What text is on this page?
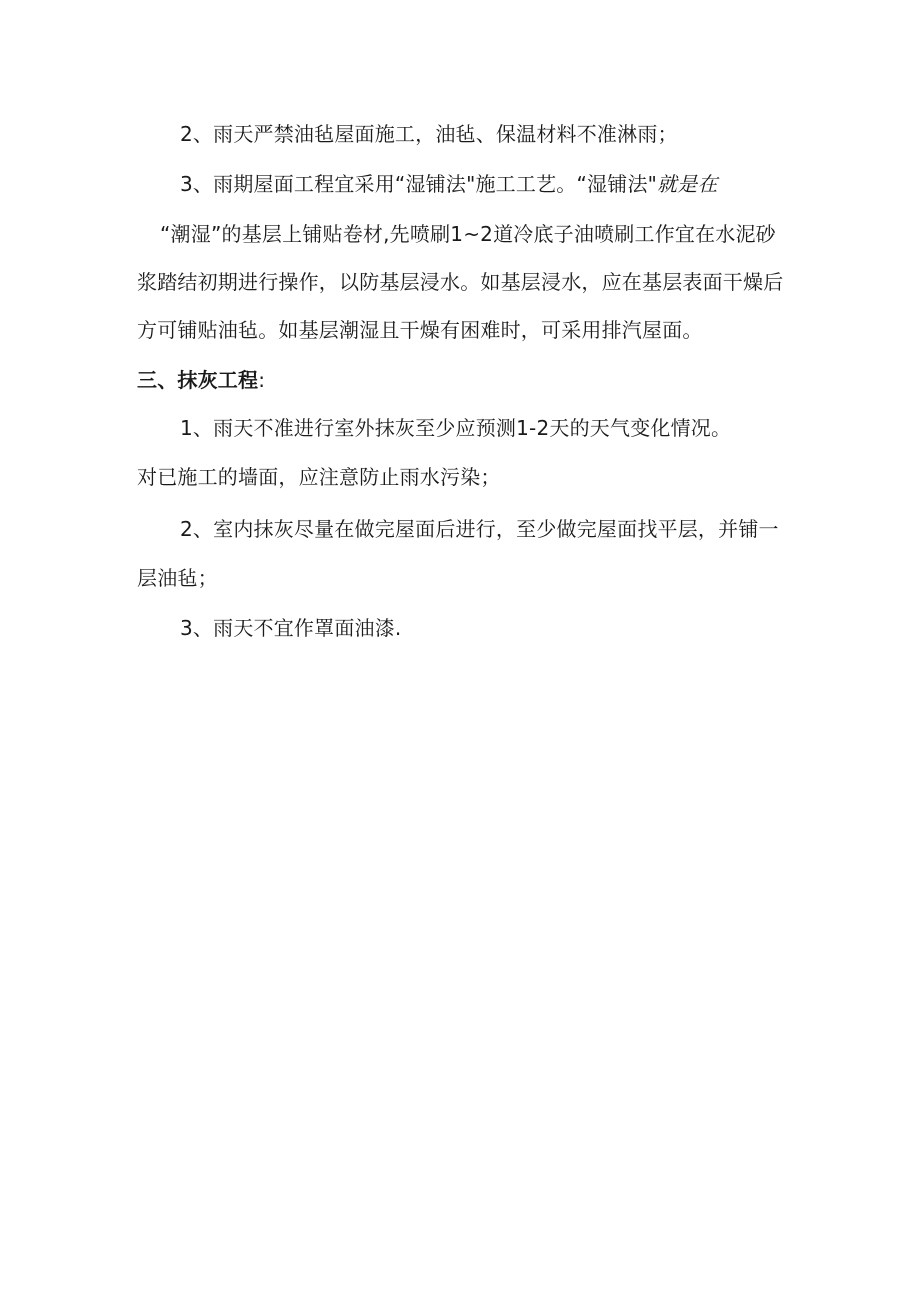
2、雨天严禁油毡屋面施工，油毡、保温材料不准淋雨；
3、雨期屋面工程宜采用“湿铺法"施工工艺。“湿铺法"就是在
“潮湿”的基层上铺贴卷材,先喷刷1~2道冷底子油喷刷工作宜在水泥砂
浆踏结初期进行操作，以防基层浸水。如基层浸水，应在基层表面干燥后
方可铺贴油毡。如基层潮湿且干燥有困难时，可采用排汽屋面。
三、抹灰工程:
1、雨天不准进行室外抹灰至少应预测1-2天的天气变化情况。
对已施工的墙面，应注意防止雨水污染；
2、室内抹灰尽量在做完屋面后进行，至少做完屋面找平层，并铺一
层油毡；
3、雨天不宜作罩面油漆.
